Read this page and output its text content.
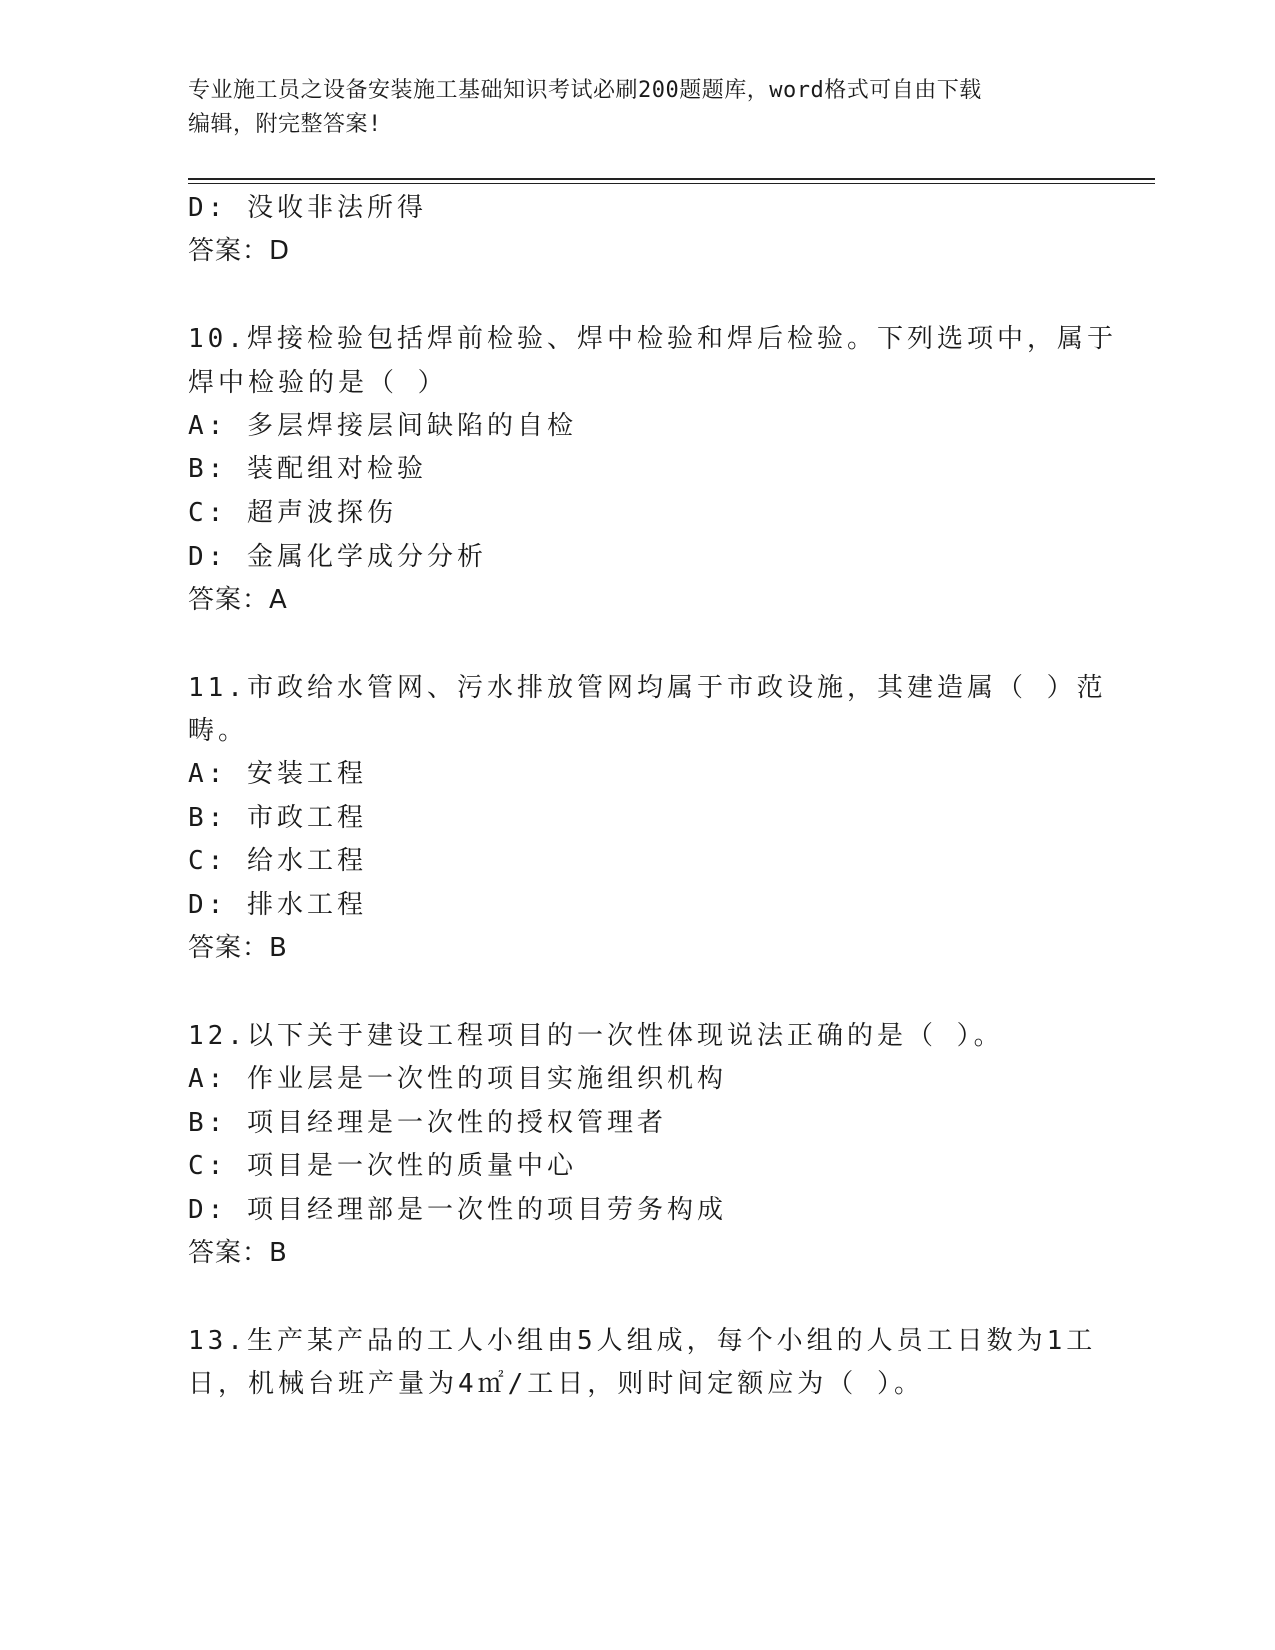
专业施工员之设备安装施工基础知识考试必刷200题题库，word格式可自由下载
编辑，附完整答案!
D: 没收非法所得
答案：D
10.焊接检验包括焊前检验、焊中检验和焊后检验。下列选项中，属于
焊中检验的是（ ）
A: 多层焊接层间缺陷的自检
B: 装配组对检验
C: 超声波探伤
D: 金属化学成分分析
答案：A
11.市政给水管网、污水排放管网均属于市政设施，其建造属（ ）范
畴。
A: 安装工程
B: 市政工程
C: 给水工程
D: 排水工程
答案：B
12.以下关于建设工程项目的一次性体现说法正确的是（ ）。
A: 作业层是一次性的项目实施组织机构
B: 项目经理是一次性的授权管理者
C: 项目是一次性的质量中心
D: 项目经理部是一次性的项目劳务构成
答案：B
13.生产某产品的工人小组由5人组成，每个小组的人员工日数为1工
日，机械台班产量为4㎡/工日，则时间定额应为（ ）。
